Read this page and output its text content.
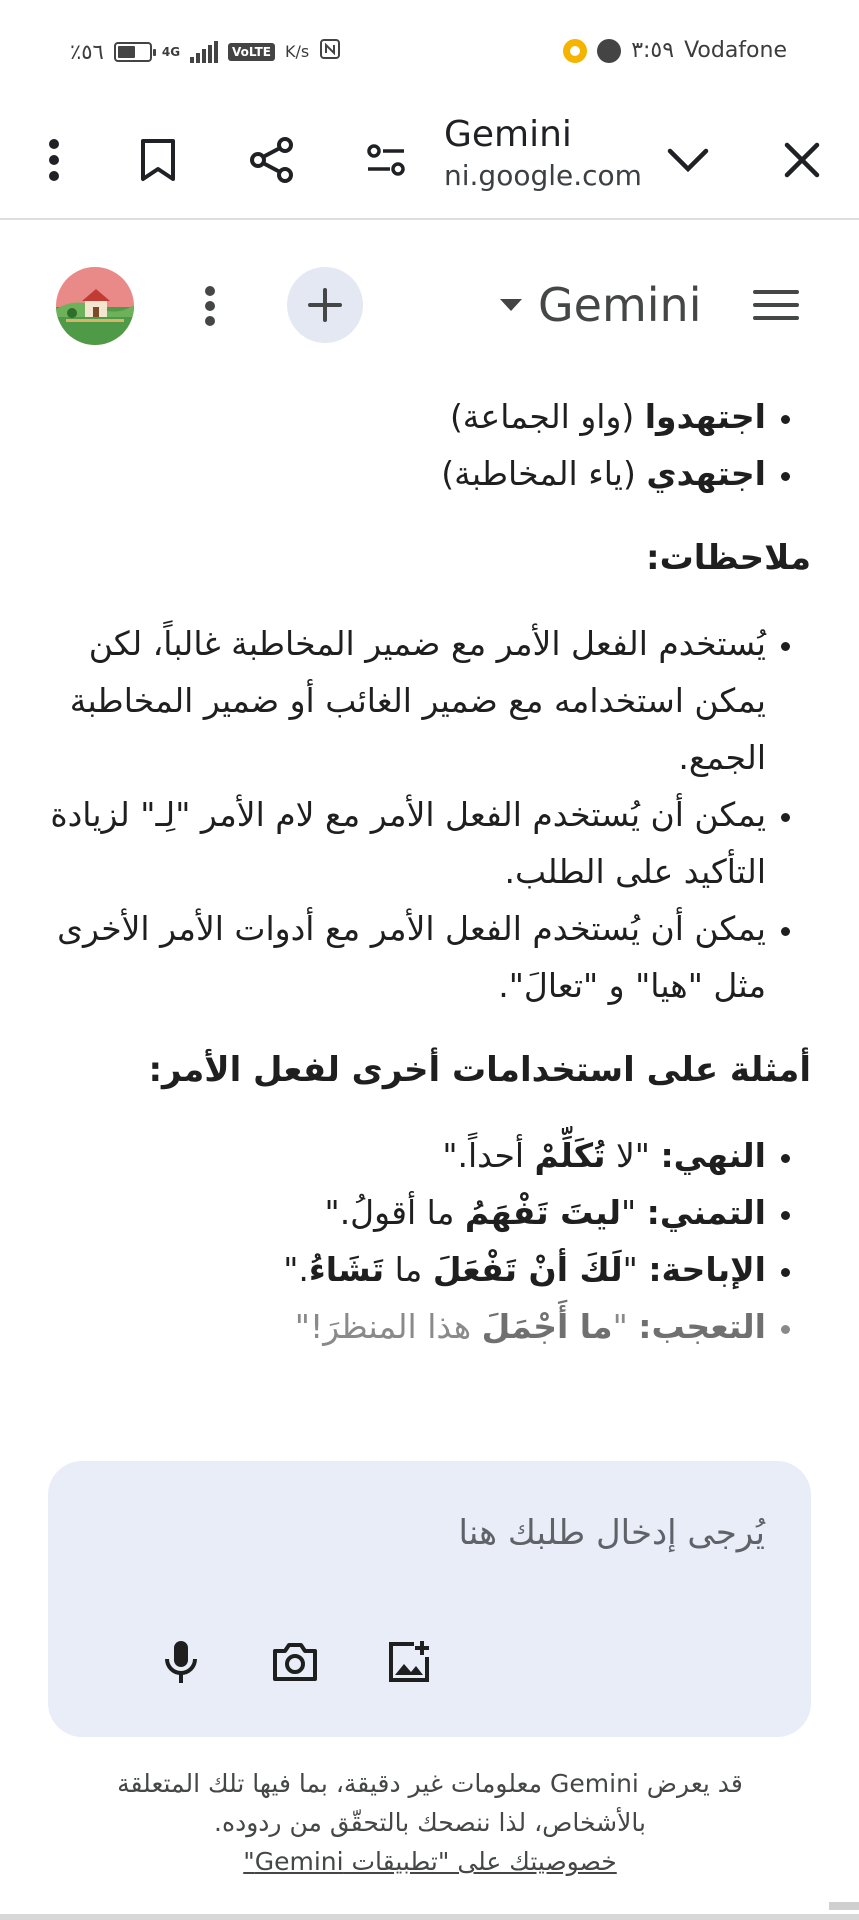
٪٥٦	4G	VoLTE K/s	٣:٥٩ Vodafone
Gemini
ni.google.com
Gemini
• اجتهدوا (واو الجماعة)
• اجتهدي (ياء المخاطبة)
ملاحظات:
• يُستخدم الفعل الأمر مع ضمير المخاطبة غالباً، لكن يمكن استخدامه مع ضمير الغائب أو ضمير المخاطبة الجمع.
• يمكن أن يُستخدم الفعل الأمر مع لام الأمر "لِـ" لزيادة التأكيد على الطلب.
• يمكن أن يُستخدم الفعل الأمر مع أدوات الأمر الأخرى مثل "هيا" و "تعالَ".
أمثلة على استخدامات أخرى لفعل الأمر:
• النهي: "لا تُكَلِّمْ أحداً."
• التمني: "ليتَ تَفْهَمُ ما أقولُ."
• الإباحة: "لَكَ أنْ تَفْعَلَ ما تَشَاءُ."
• التعجب: "ما أَجْمَلَ هذا المنظرَ!"
يُرجى إدخال طلبك هنا
قد يعرض Gemini معلومات غير دقيقة، بما فيها تلك المتعلقة
بالأشخاص، لذا ننصحك بالتحقّق من ردوده.
خصوصيتك على "تطبيقات Gemini"
